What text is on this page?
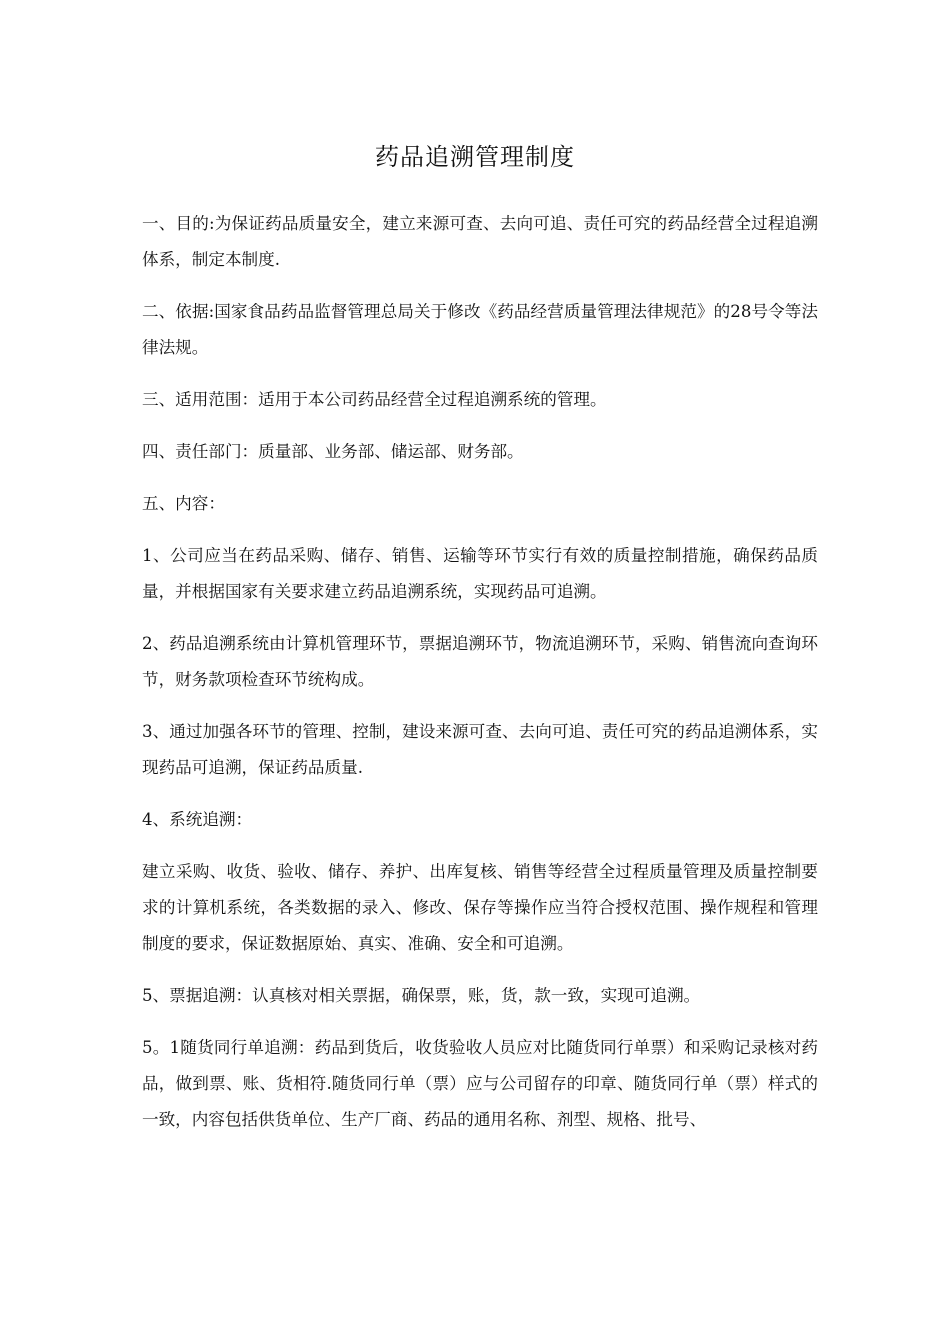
药品追溯管理制度

一、目的:为保证药品质量安全，建立来源可查、去向可追、责任可究的药品经营全过程追溯体系，制定本制度.

二、依据:国家食品药品监督管理总局关于修改《药品经营质量管理法律规范》的28号令等法律法规。

三、适用范围：适用于本公司药品经营全过程追溯系统的管理。

四、责任部门：质量部、业务部、储运部、财务部。

五、内容：

1、公司应当在药品采购、储存、销售、运输等环节实行有效的质量控制措施，确保药品质量，并根据国家有关要求建立药品追溯系统，实现药品可追溯。

2、药品追溯系统由计算机管理环节，票据追溯环节，物流追溯环节，采购、销售流向查询环节，财务款项检查环节统构成。

3、通过加强各环节的管理、控制，建设来源可查、去向可追、责任可究的药品追溯体系，实现药品可追溯，保证药品质量.

4、系统追溯：

建立采购、收货、验收、储存、养护、出库复核、销售等经营全过程质量管理及质量控制要求的计算机系统，各类数据的录入、修改、保存等操作应当符合授权范围、操作规程和管理制度的要求，保证数据原始、真实、准确、安全和可追溯。

5、票据追溯：认真核对相关票据，确保票，账，货，款一致，实现可追溯。

5。1随货同行单追溯：药品到货后，收货验收人员应对比随货同行单票）和采购记录核对药品，做到票、账、货相符.随货同行单（票）应与公司留存的印章、随货同行单（票）样式的一致，内容包括供货单位、生产厂商、药品的通用名称、剂型、规格、批号、
